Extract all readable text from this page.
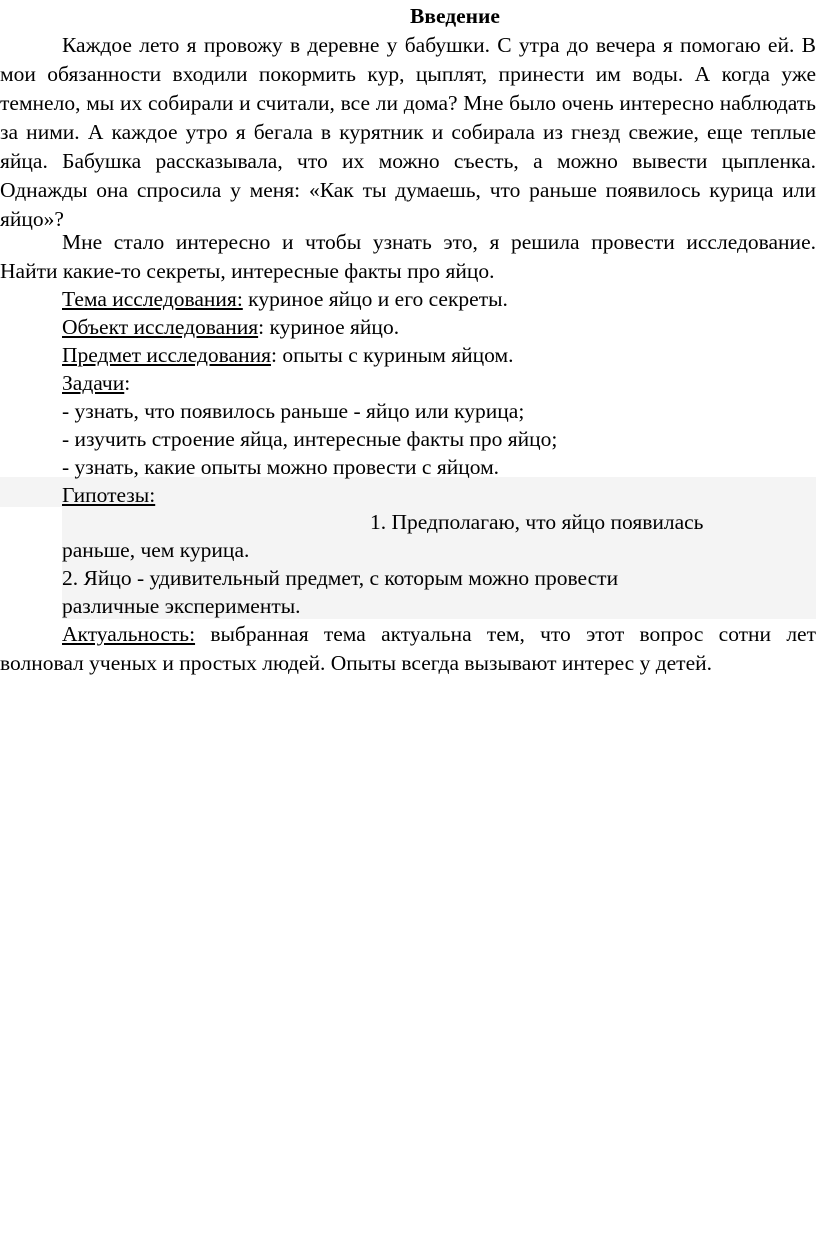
Введение

Каждое лето я провожу в деревне у бабушки. С утра до вечера я помогаю ей. В мои обязанности входили покормить кур, цыплят, принести им воды. А когда уже темнело, мы их собирали и считали, все ли дома? Мне было очень интересно наблюдать за ними. А каждое утро я бегала в курятник и собирала из гнезд свежие, еще теплые яйца. Бабушка рассказывала, что их можно съесть, а можно вывести цыпленка. Однажды она спросила у меня: «Как ты думаешь, что раньше появилось курица или яйцо»?

Мне стало интересно и чтобы узнать это, я решила провести исследование. Найти какие-то секреты, интересные факты про яйцо.

Тема исследования: куриное яйцо и его секреты.

Объект исследования: куриное яйцо.

Предмет исследования: опыты с куриным яйцом.

Задачи:

- узнать, что появилось раньше - яйцо или курица;

- изучить строение яйца, интересные факты про яйцо;

- узнать, какие опыты можно провести с яйцом.

Гипотезы:

1. Предполагаю, что яйцо появилась

раньше, чем курица.

2. Яйцо - удивительный предмет, с которым можно провести

различные эксперименты.

Актуальность: выбранная тема актуальна тем, что этот вопрос сотни лет волновал ученых и простых людей. Опыты всегда вызывают интерес у детей.
